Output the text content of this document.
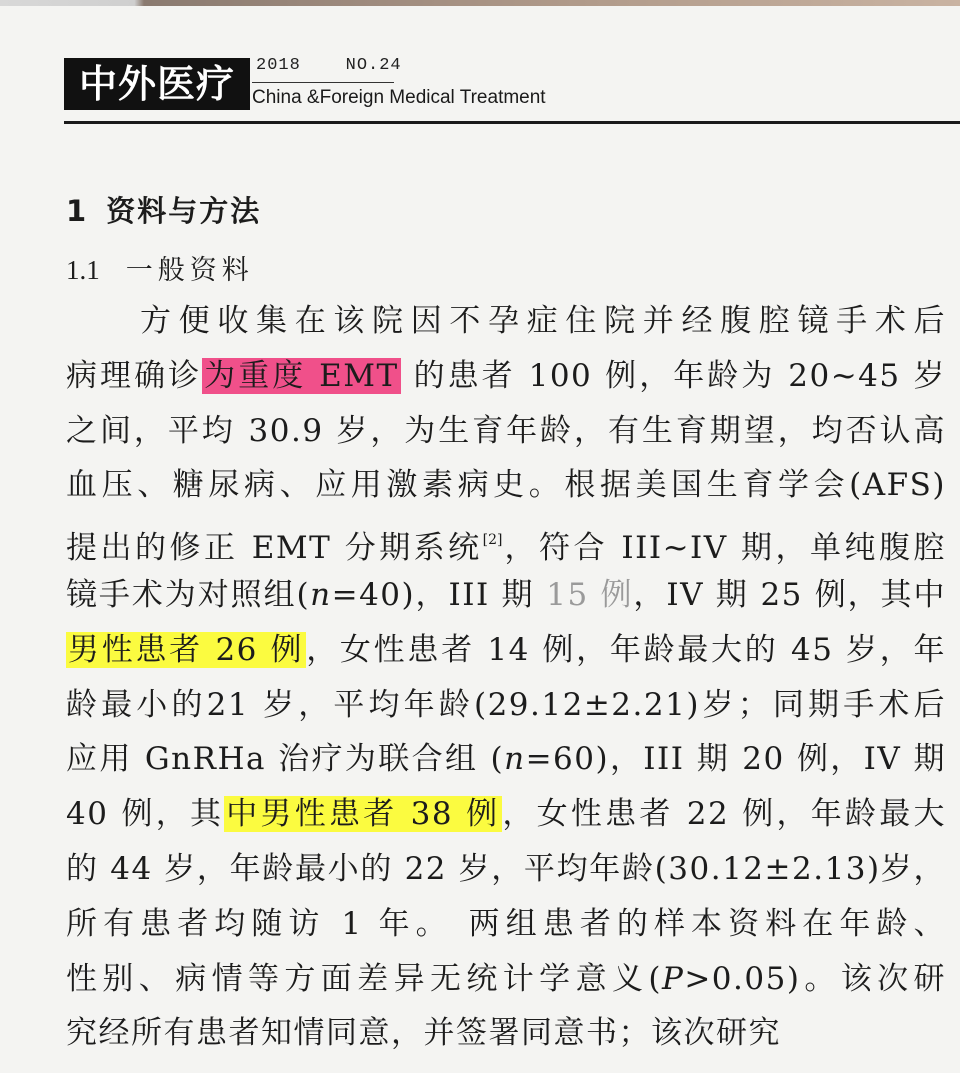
中外医疗	2018    NO.24
China &Foreign Medical Treatment
1 资料与方法
1.1 一般资料
方便收集在该院因不孕症住院并经腹腔镜手术后
病理确诊为重度 EMT 的患者 100 例，年龄为 20~45 岁
之间，平均 30.9 岁，为生育年龄，有生育期望，均否认高
血压、糖尿病、应用激素病史。根据美国生育学会(AFS)
提出的修正 EMT 分期系统[2]，符合 III~IV 期，单纯腹腔
镜手术为对照组(n=40)，III 期 15 例，IV 期 25 例，其中
男性患者 26 例，女性患者 14 例，年龄最大的 45 岁，年
龄最小的21 岁，平均年龄(29.12±2.21)岁；同期手术后
应用 GnRHa 治疗为联合组 (n=60)，III 期 20 例，IV 期
40 例，其中男性患者 38 例，女性患者 22 例，年龄最大
的 44 岁，年龄最小的 22 岁，平均年龄(30.12±2.13)岁，
所有患者均随访 1 年。 两组患者的样本资料在年龄、
性别、病情等方面差异无统计学意义(P>0.05)。该次研
究经所有患者知情同意，并签署同意书；该次研究
